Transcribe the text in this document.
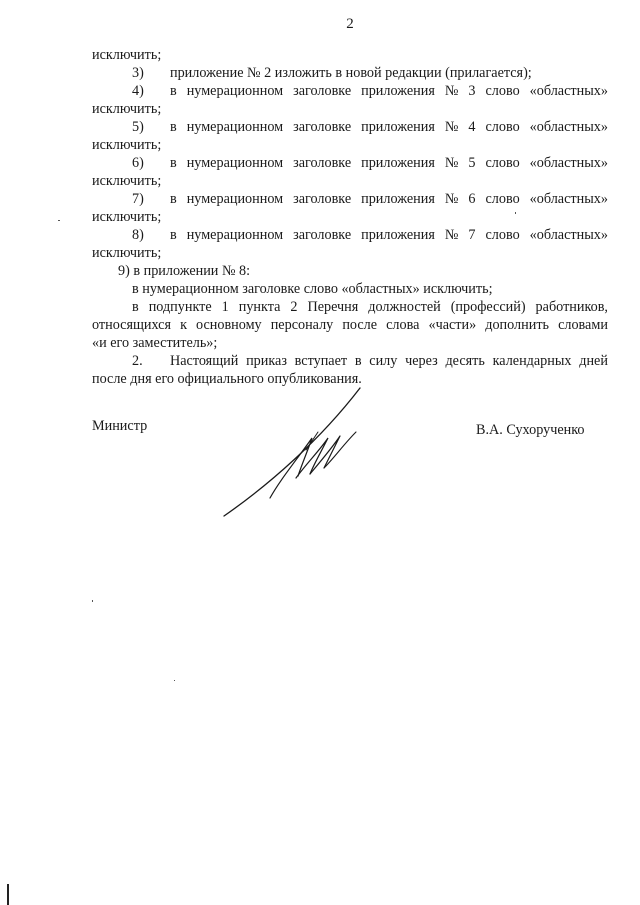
2
исключить;
3)	приложение № 2 изложить в новой редакции (прилагается);
4)	в нумерационном заголовке приложения № 3 слово «областных»
исключить;
5)	в нумерационном заголовке приложения № 4 слово «областных»
исключить;
6)	в нумерационном заголовке приложения № 5 слово «областных»
исключить;
7)	в нумерационном заголовке приложения № 6 слово «областных»
исключить;
8)	в нумерационном заголовке приложения № 7 слово «областных»
исключить;
9) в приложении № 8:
в нумерационном заголовке слово «областных» исключить;
в подпункте 1 пункта 2 Перечня должностей (профессий) работников,
относящихся к основному персоналу после слова «части» дополнить словами
«и его заместитель»;
2.	Настоящий приказ вступает в силу через десять календарных дней
после дня его официального опубликования.
Министр	В.А. Сухорученко
